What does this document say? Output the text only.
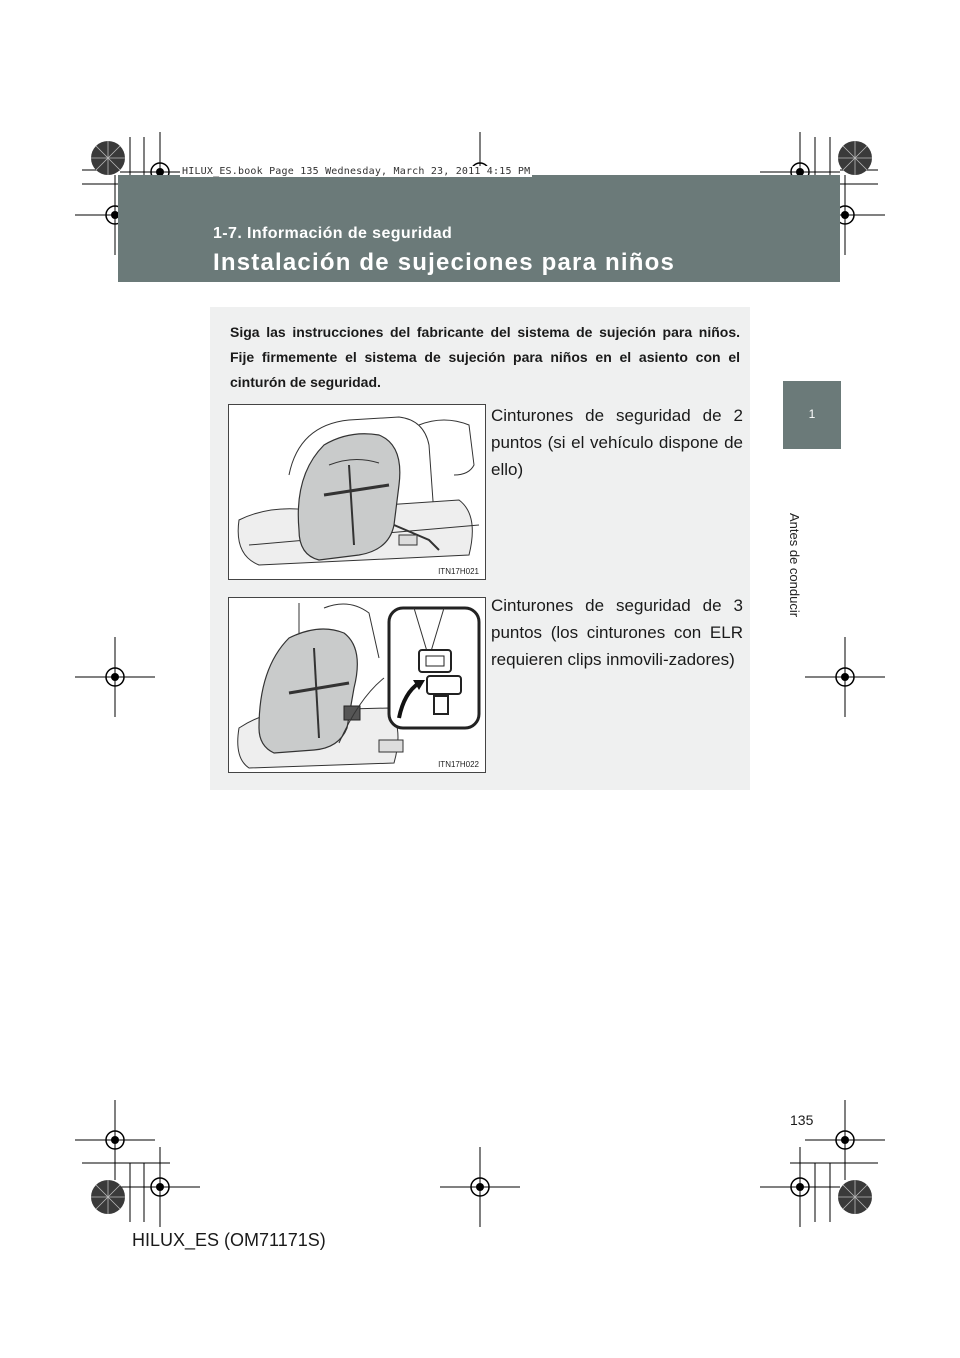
HILUX_ES.book Page 135 Wednesday, March 23, 2011 4:15 PM
1-7. Información de seguridad
Instalación de sujeciones para niños
1
Antes de conducir
Siga las instrucciones del fabricante del sistema de sujeción para niños. Fije firmemente el sistema de sujeción para niños en el asiento con el cinturón de seguridad.
ITN17H021
Cinturones de seguridad de 2 puntos (si el vehículo dispone de ello)
ITN17H022
Cinturones de seguridad de 3 puntos (los cinturones con ELR requieren clips inmovili-zadores)
135
HILUX_ES (OM71171S)
